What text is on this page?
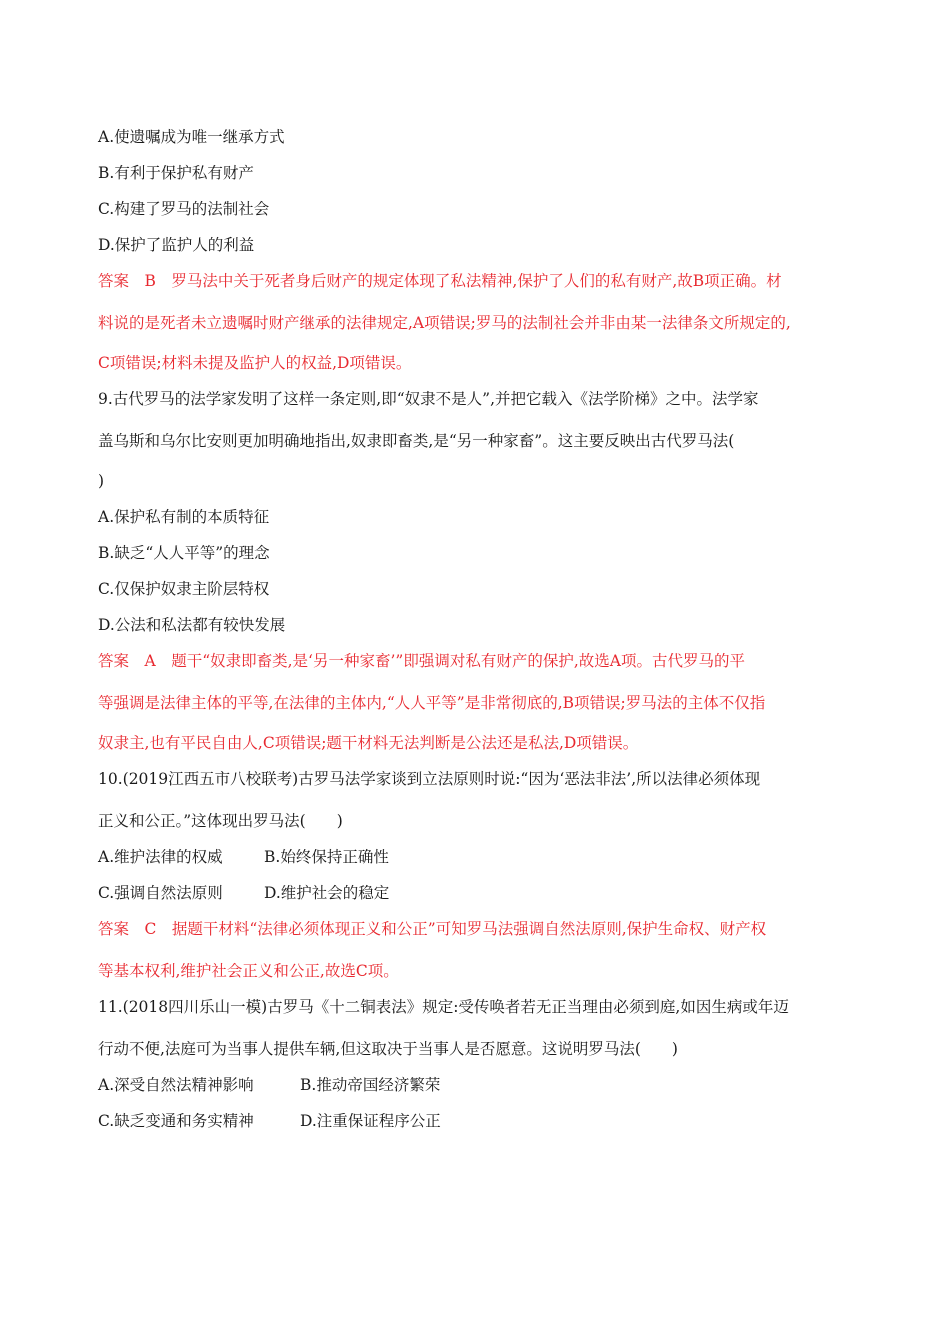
A.使遗嘱成为唯一继承方式
B.有利于保护私有财产
C.构建了罗马的法制社会
D.保护了监护人的利益
答案　B　罗马法中关于死者身后财产的规定体现了私法精神,保护了人们的私有财产,故B项正确。材
料说的是死者未立遗嘱时财产继承的法律规定,A项错误;罗马的法制社会并非由某一法律条文所规定的,
C项错误;材料未提及监护人的权益,D项错误。
9.古代罗马的法学家发明了这样一条定则,即“奴隶不是人”,并把它载入《法学阶梯》之中。法学家
盖乌斯和乌尔比安则更加明确地指出,奴隶即畜类,是“另一种家畜”。这主要反映出古代罗马法(
)
A.保护私有制的本质特征
B.缺乏“人人平等”的理念
C.仅保护奴隶主阶层特权
D.公法和私法都有较快发展
答案　A　题干“奴隶即畜类,是‘另一种家畜’”即强调对私有财产的保护,故选A项。古代罗马的平
等强调是法律主体的平等,在法律的主体内,“人人平等”是非常彻底的,B项错误;罗马法的主体不仅指
奴隶主,也有平民自由人,C项错误;题干材料无法判断是公法还是私法,D项错误。
10.(2019江西五市八校联考)古罗马法学家谈到立法原则时说:“因为‘恶法非法’,所以法律必须体现
正义和公正。”这体现出罗马法(　　)
A.维护法律的权威	B.始终保持正确性
C.强调自然法原则	D.维护社会的稳定
答案　C　据题干材料“法律必须体现正义和公正”可知罗马法强调自然法原则,保护生命权、财产权
等基本权利,维护社会正义和公正,故选C项。
11.(2018四川乐山一模)古罗马《十二铜表法》规定:受传唤者若无正当理由必须到庭,如因生病或年迈
行动不便,法庭可为当事人提供车辆,但这取决于当事人是否愿意。这说明罗马法(　　)
A.深受自然法精神影响	B.推动帝国经济繁荣
C.缺乏变通和务实精神	D.注重保证程序公正
